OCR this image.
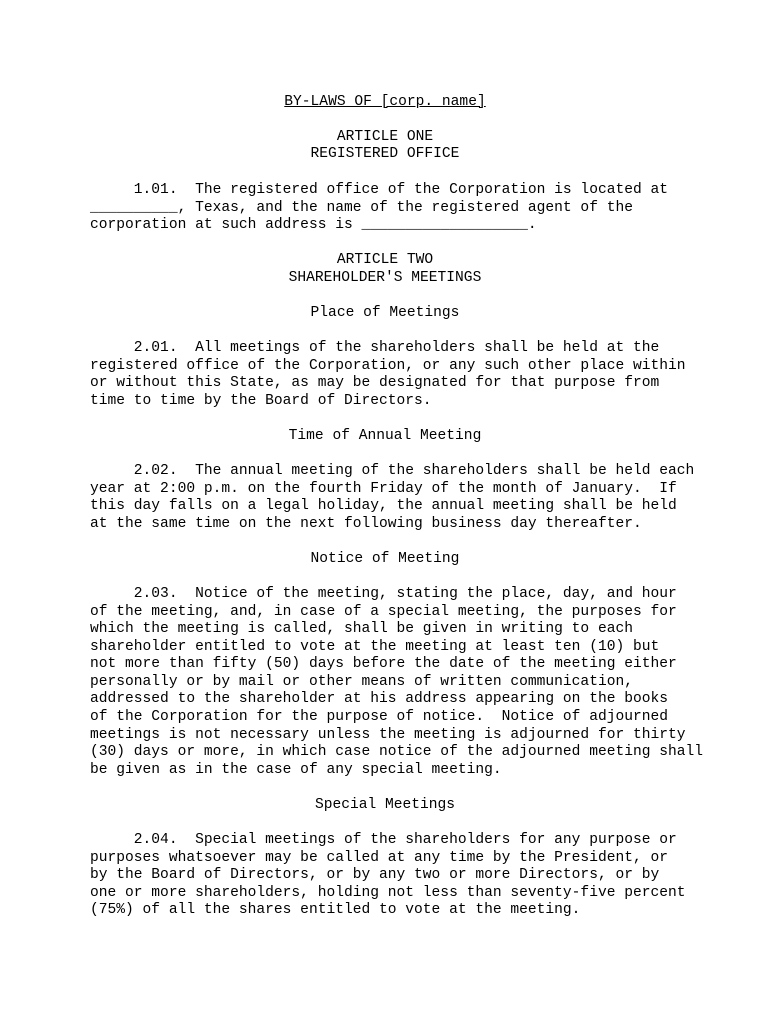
BY-LAWS OF [corp. name]
ARTICLE ONE
REGISTERED OFFICE
1.01.  The registered office of the Corporation is located at
__________, Texas, and the name of the registered agent of the
corporation at such address is ___________________.
ARTICLE TWO
SHAREHOLDER'S MEETINGS
Place of Meetings
2.01.  All meetings of the shareholders shall be held at the
registered office of the Corporation, or any such other place within
or without this State, as may be designated for that purpose from
time to time by the Board of Directors.
Time of Annual Meeting
2.02.  The annual meeting of the shareholders shall be held each
year at 2:00 p.m. on the fourth Friday of the month of January.  If
this day falls on a legal holiday, the annual meeting shall be held
at the same time on the next following business day thereafter.
Notice of Meeting
2.03.  Notice of the meeting, stating the place, day, and hour
of the meeting, and, in case of a special meeting, the purposes for
which the meeting is called, shall be given in writing to each
shareholder entitled to vote at the meeting at least ten (10) but
not more than fifty (50) days before the date of the meeting either
personally or by mail or other means of written communication,
addressed to the shareholder at his address appearing on the books
of the Corporation for the purpose of notice.  Notice of adjourned
meetings is not necessary unless the meeting is adjourned for thirty
(30) days or more, in which case notice of the adjourned meeting shall
be given as in the case of any special meeting.
Special Meetings
2.04.  Special meetings of the shareholders for any purpose or
purposes whatsoever may be called at any time by the President, or
by the Board of Directors, or by any two or more Directors, or by
one or more shareholders, holding not less than seventy-five percent
(75%) of all the shares entitled to vote at the meeting.
